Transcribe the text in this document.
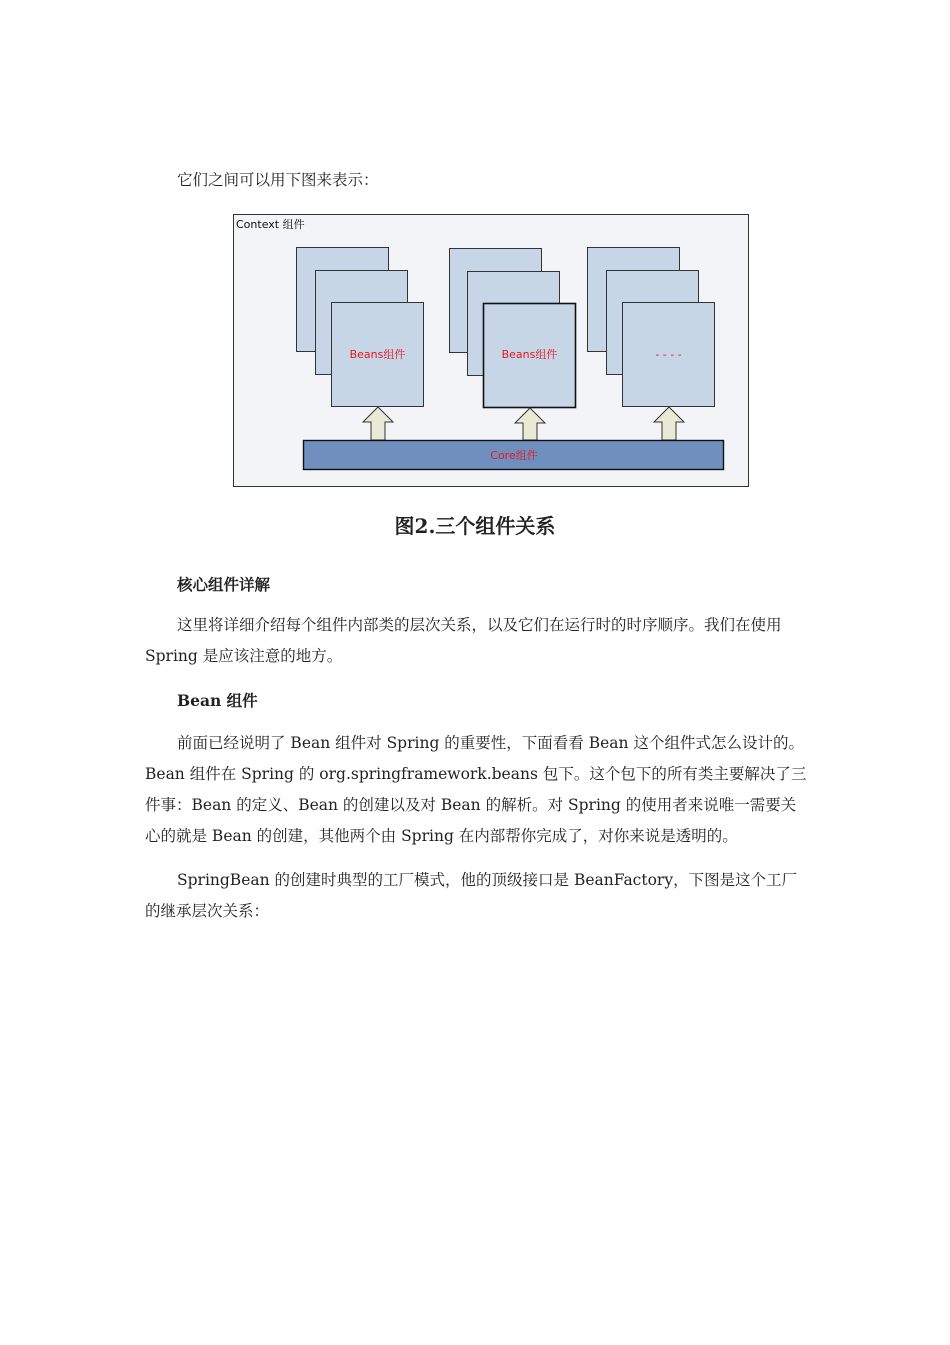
它们之间可以用下图来表示：

Context 组件
Beans组件	Beans组件	- - - -
Core组件

图2.三个组件关系

核心组件详解

这里将详细介绍每个组件内部类的层次关系，以及它们在运行时的时序顺序。我们在使用 Spring 是应该注意的地方。

Bean 组件

前面已经说明了 Bean 组件对 Spring 的重要性，下面看看 Bean 这个组件式怎么设计的。Bean 组件在 Spring 的 org.springframework.beans 包下。这个包下的所有类主要解决了三件事：Bean 的定义、Bean 的创建以及对 Bean 的解析。对 Spring 的使用者来说唯一需要关心的就是 Bean 的创建，其他两个由 Spring 在内部帮你完成了，对你来说是透明的。

SpringBean 的创建时典型的工厂模式，他的顶级接口是 BeanFactory，下图是这个工厂的继承层次关系：
